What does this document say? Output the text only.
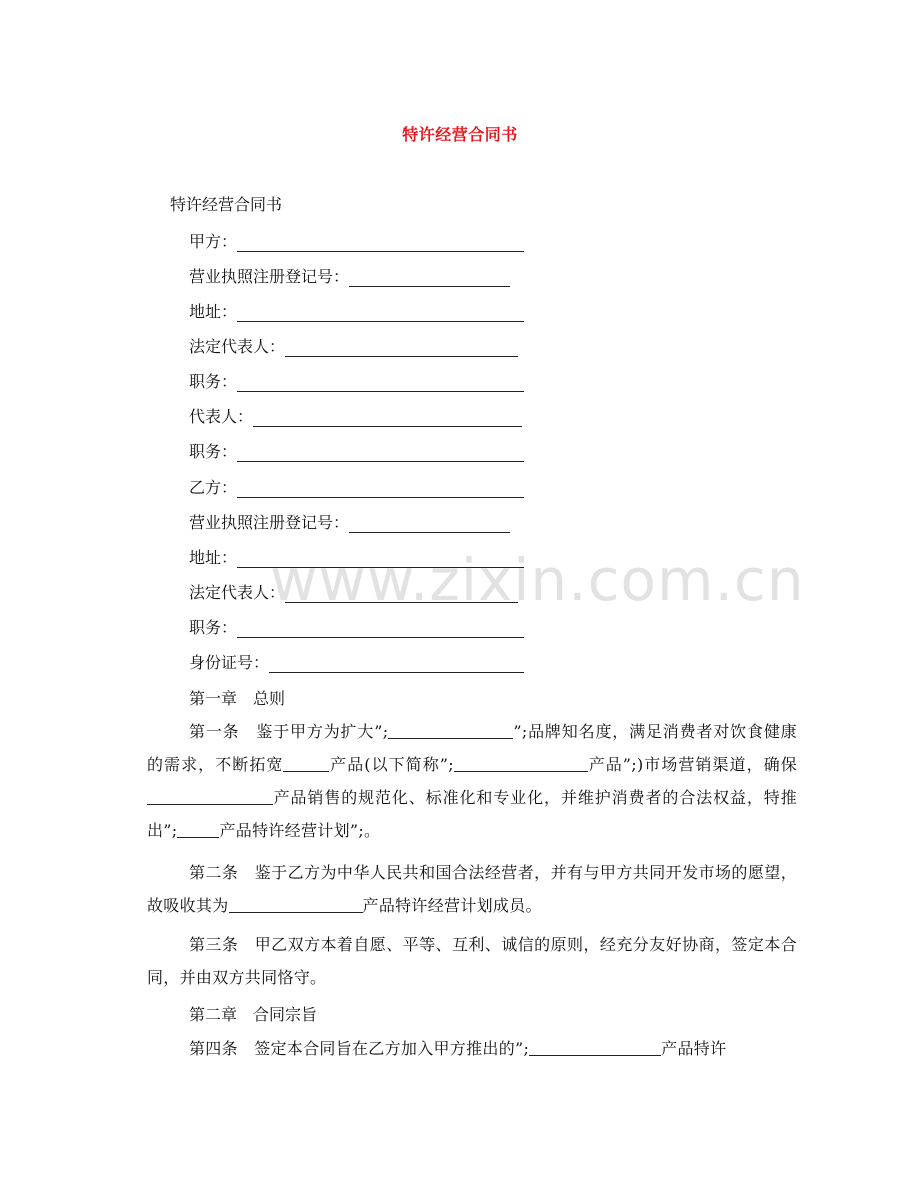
特许经营合同书
特许经营合同书
甲方：
营业执照注册登记号：
地址：
法定代表人：
职务：
代表人：
职务：
乙方：
营业执照注册登记号：
地址：
法定代表人：
职务：
身份证号：
第一章　总则
第一条　鉴于甲方为扩大”;	”;品牌知名度，满足消费者对饮食健康的需求，不断拓宽	产品(以下简称”;	产品”;)市场营销渠道，确保产品销售的规范化、标准化和专业化，并维护消费者的合法权益，特推出”;	产品特许经营计划”;。
第二条　鉴于乙方为中华人民共和国合法经营者，并有与甲方共同开发市场的愿望，故吸收其为	产品特许经营计划成员。
第三条　甲乙双方本着自愿、平等、互利、诚信的原则，经充分友好协商，签定本合同，并由双方共同恪守。
第二章　合同宗旨
第四条　签定本合同旨在乙方加入甲方推出的”;	产品特许
www.zixin.com.cn
